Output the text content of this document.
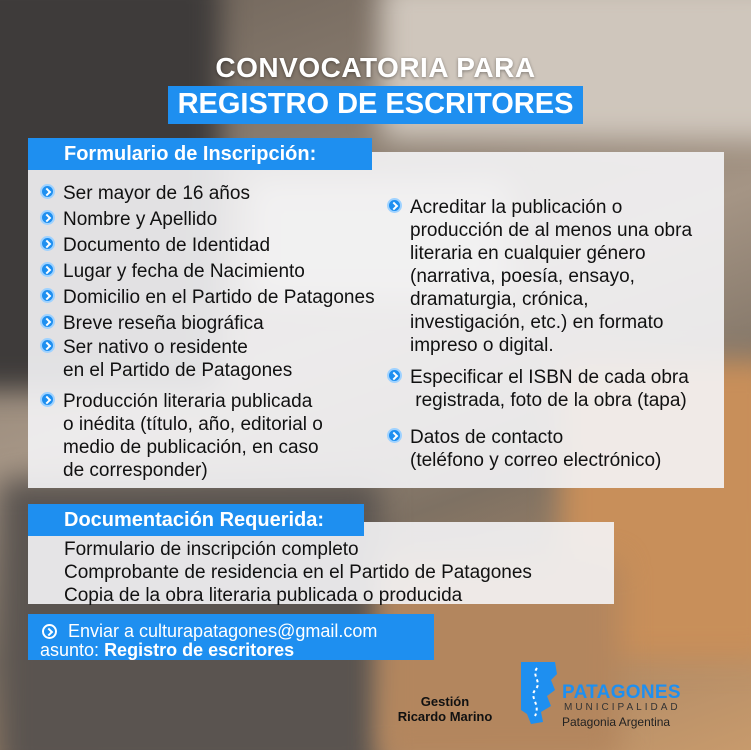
CONVOCATORIA PARA
REGISTRO DE ESCRITORES
Formulario de Inscripción:
Ser mayor de 16 años
Nombre y Apellido
Documento de Identidad
Lugar y fecha de Nacimiento
Domicilio en el Partido de Patagones
Breve reseña biográfica
Ser nativo o residente
en el Partido de Patagones
Producción literaria publicada
o inédita (título, año, editorial o
medio de publicación, en caso
de corresponder)
Acreditar la publicación o
producción de al menos una obra
literaria en cualquier género
(narrativa, poesía, ensayo,
dramaturgia, crónica,
investigación, etc.) en formato
impreso o digital.
Especificar el ISBN de cada obra
registrada, foto de la obra (tapa)
Datos de contacto
(teléfono y correo electrónico)
Documentación Requerida:
Formulario de inscripción completo
Comprobante de residencia en el Partido de Patagones
Copia de la obra literaria publicada o producida
Enviar a culturapatagones@gmail.com
asunto: Registro de escritores
Gestión
Ricardo Marino
PATAGONES
MUNICIPALIDAD
Patagonia Argentina
